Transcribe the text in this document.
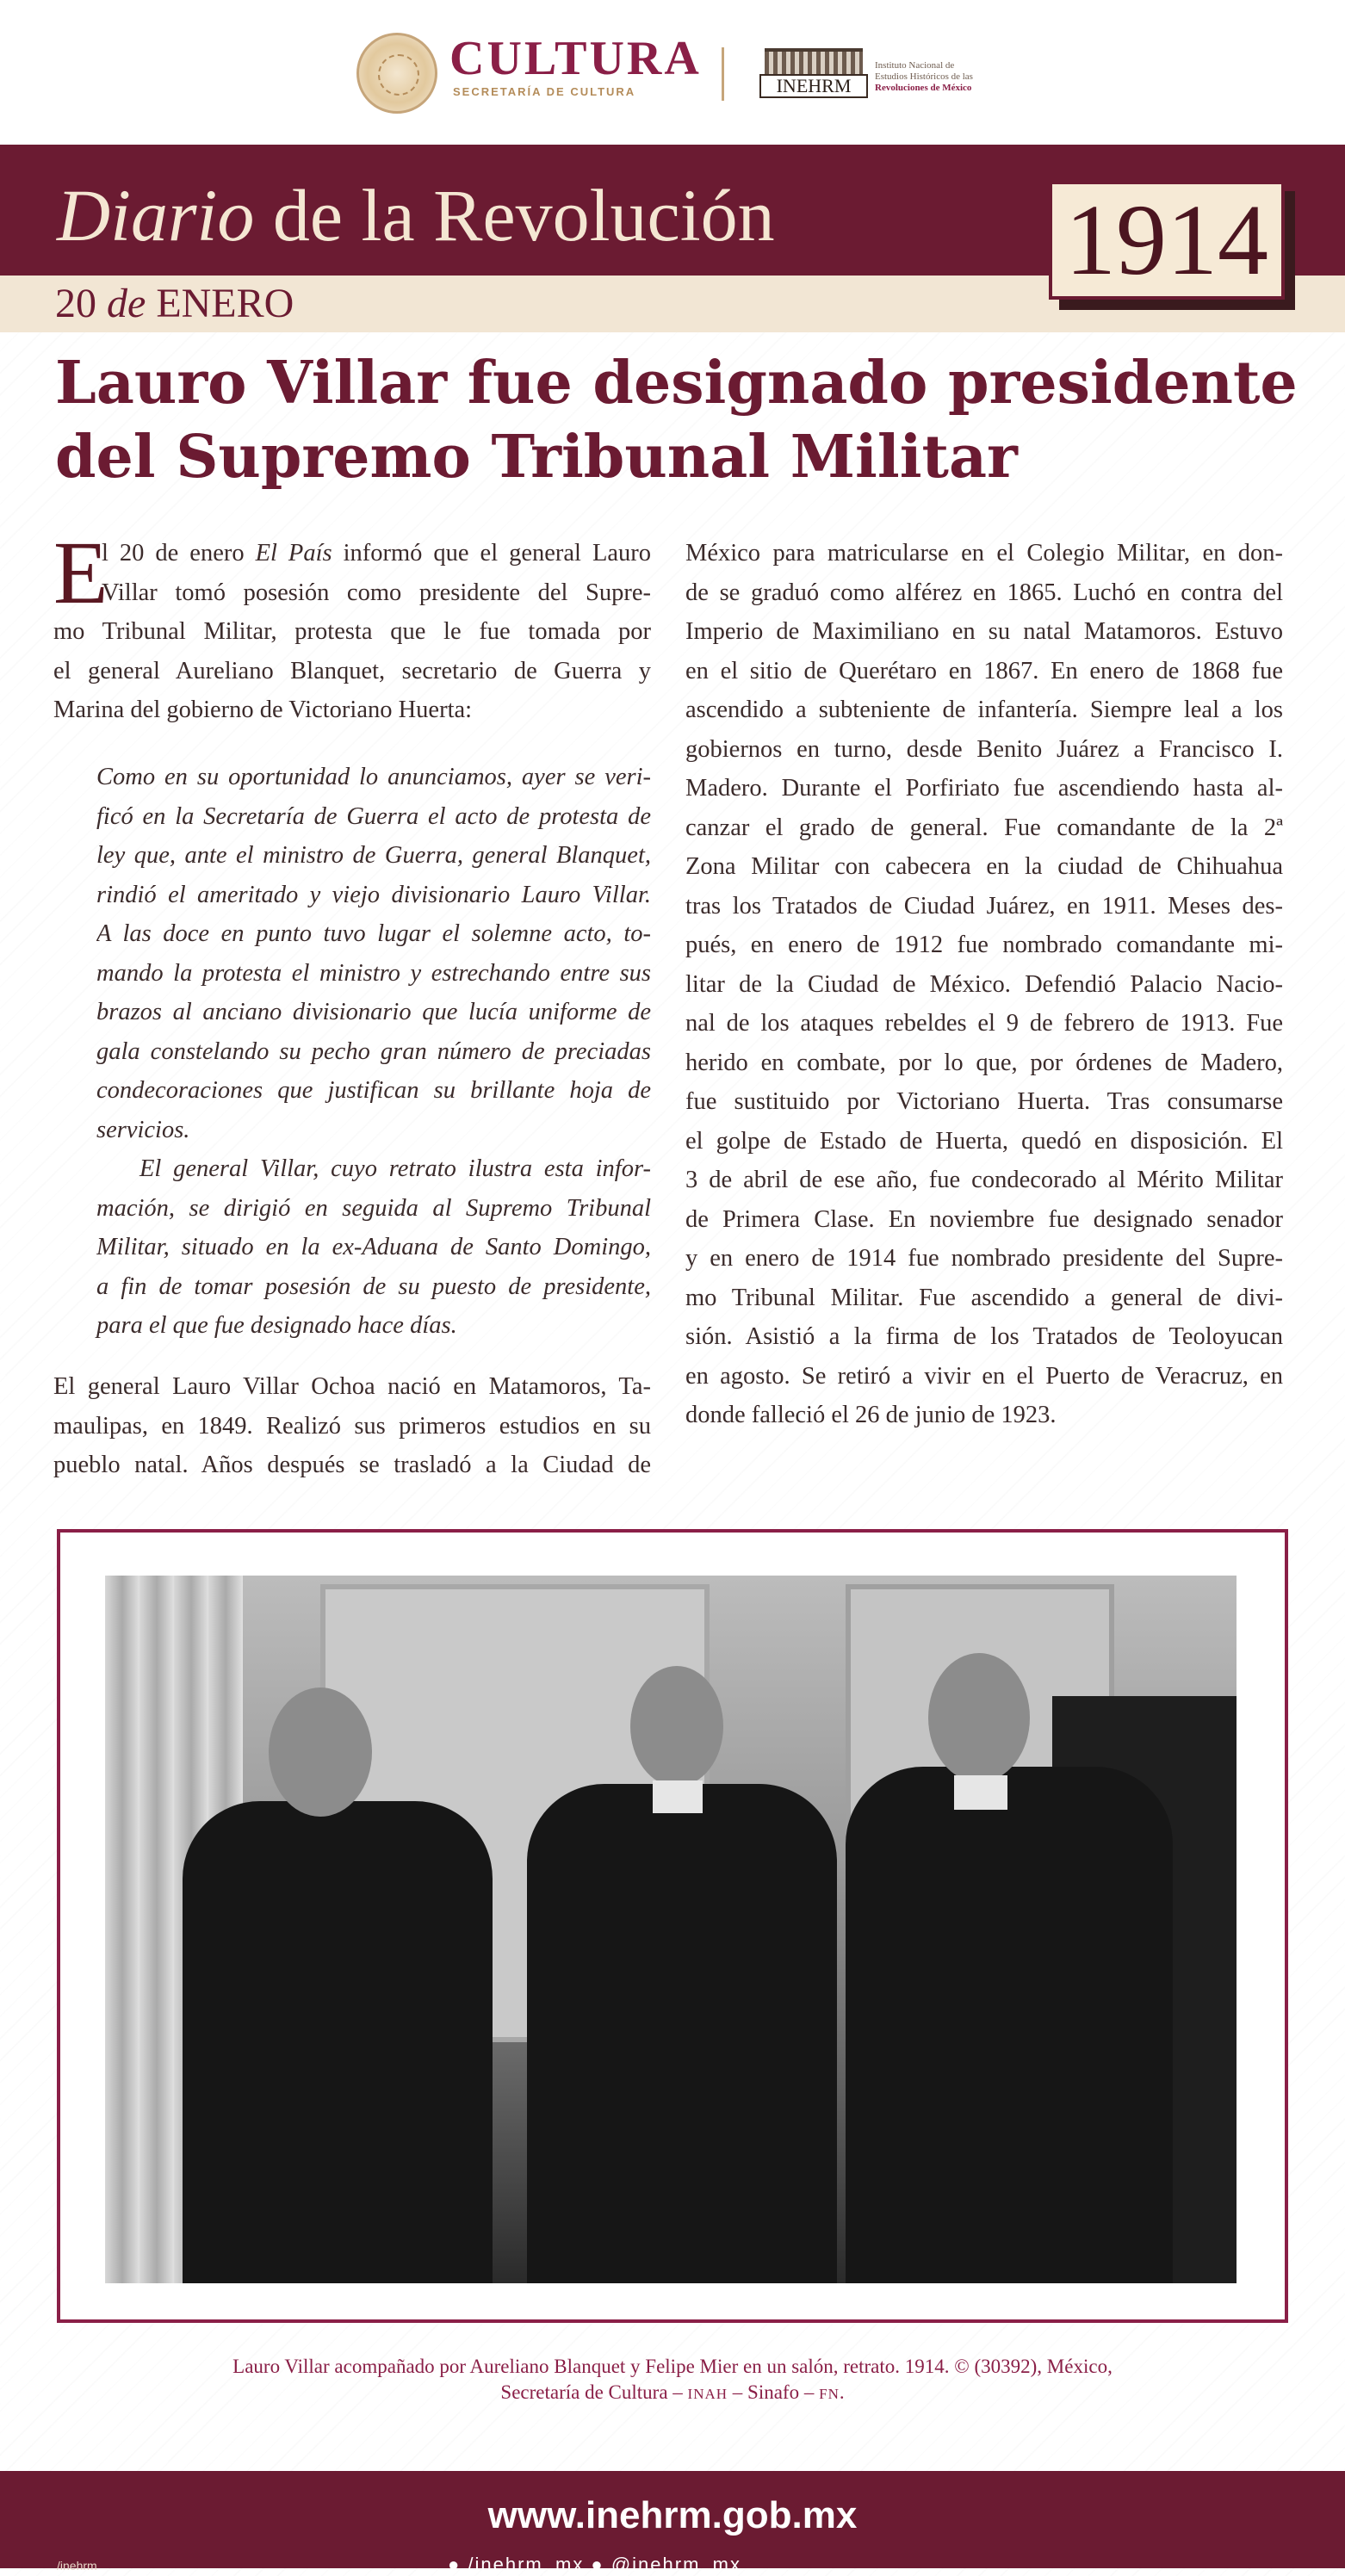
CULTURA
SECRETARÍA DE CULTURA	INEHRM
Instituto Nacional de
Estudios Históricos de las
Revoluciones de México
Diario de la Revolución
20 de ENERO
1914
Lauro Villar fue designado presidente
del Supremo Tribunal Militar
E
l 20 de enero El País informó que el general Lauro
Villar tomó posesión como presidente del Supre-
mo Tribunal Militar, protesta que le fue tomada por
el general Aureliano Blanquet, secretario de Guerra y
Marina del gobierno de Victoriano Huerta:
Como en su oportunidad lo anunciamos, ayer se veri-
ficó en la Secretaría de Guerra el acto de protesta de
ley que, ante el ministro de Guerra, general Blanquet,
rindió el ameritado y viejo divisionario Lauro Villar.
A las doce en punto tuvo lugar el solemne acto, to-
mando la protesta el ministro y estrechando entre sus
brazos al anciano divisionario que lucía uniforme de
gala constelando su pecho gran número de preciadas
condecoraciones que justifican su brillante hoja de
servicios.
El general Villar, cuyo retrato ilustra esta infor-
mación, se dirigió en seguida al Supremo Tribunal
Militar, situado en la ex-Aduana de Santo Domingo,
a fin de tomar posesión de su puesto de presidente,
para el que fue designado hace días.
El general Lauro Villar Ochoa nació en Matamoros, Ta-
maulipas, en 1849. Realizó sus primeros estudios en su
pueblo natal. Años después se trasladó a la Ciudad de
México para matricularse en el Colegio Militar, en don-
de se graduó como alférez en 1865. Luchó en contra del
Imperio de Maximiliano en su natal Matamoros. Estuvo
en el sitio de Querétaro en 1867. En enero de 1868 fue
ascendido a subteniente de infantería. Siempre leal a los
gobiernos en turno, desde Benito Juárez a Francisco I.
Madero. Durante el Porfiriato fue ascendiendo hasta al-
canzar el grado de general. Fue comandante de la 2ª
Zona Militar con cabecera en la ciudad de Chihuahua
tras los Tratados de Ciudad Juárez, en 1911. Meses des-
pués, en enero de 1912 fue nombrado comandante mi-
litar de la Ciudad de México. Defendió Palacio Nacio-
nal de los ataques rebeldes el 9 de febrero de 1913. Fue
herido en combate, por lo que, por órdenes de Madero,
fue sustituido por Victoriano Huerta. Tras consumarse
el golpe de Estado de Huerta, quedó en disposición. El
3 de abril de ese año, fue condecorado al Mérito Militar
de Primera Clase. En noviembre fue designado senador
y en enero de 1914 fue nombrado presidente del Supre-
mo Tribunal Militar. Fue ascendido a general de divi-
sión. Asistió a la firma de los Tratados de Teoloyucan
en agosto. Se retiró a vivir en el Puerto de Veracruz, en
donde falleció el 26 de junio de 1923.
Lauro Villar acompañado por Aureliano Blanquet y Felipe Mier en un salón, retrato. 1914. © (30392), México,
Secretaría de Cultura – INAH – Sinafo – FN.
www.inehrm.gob.mx
/inehrm	● /inehrm_mx ● @inehrm_mx
